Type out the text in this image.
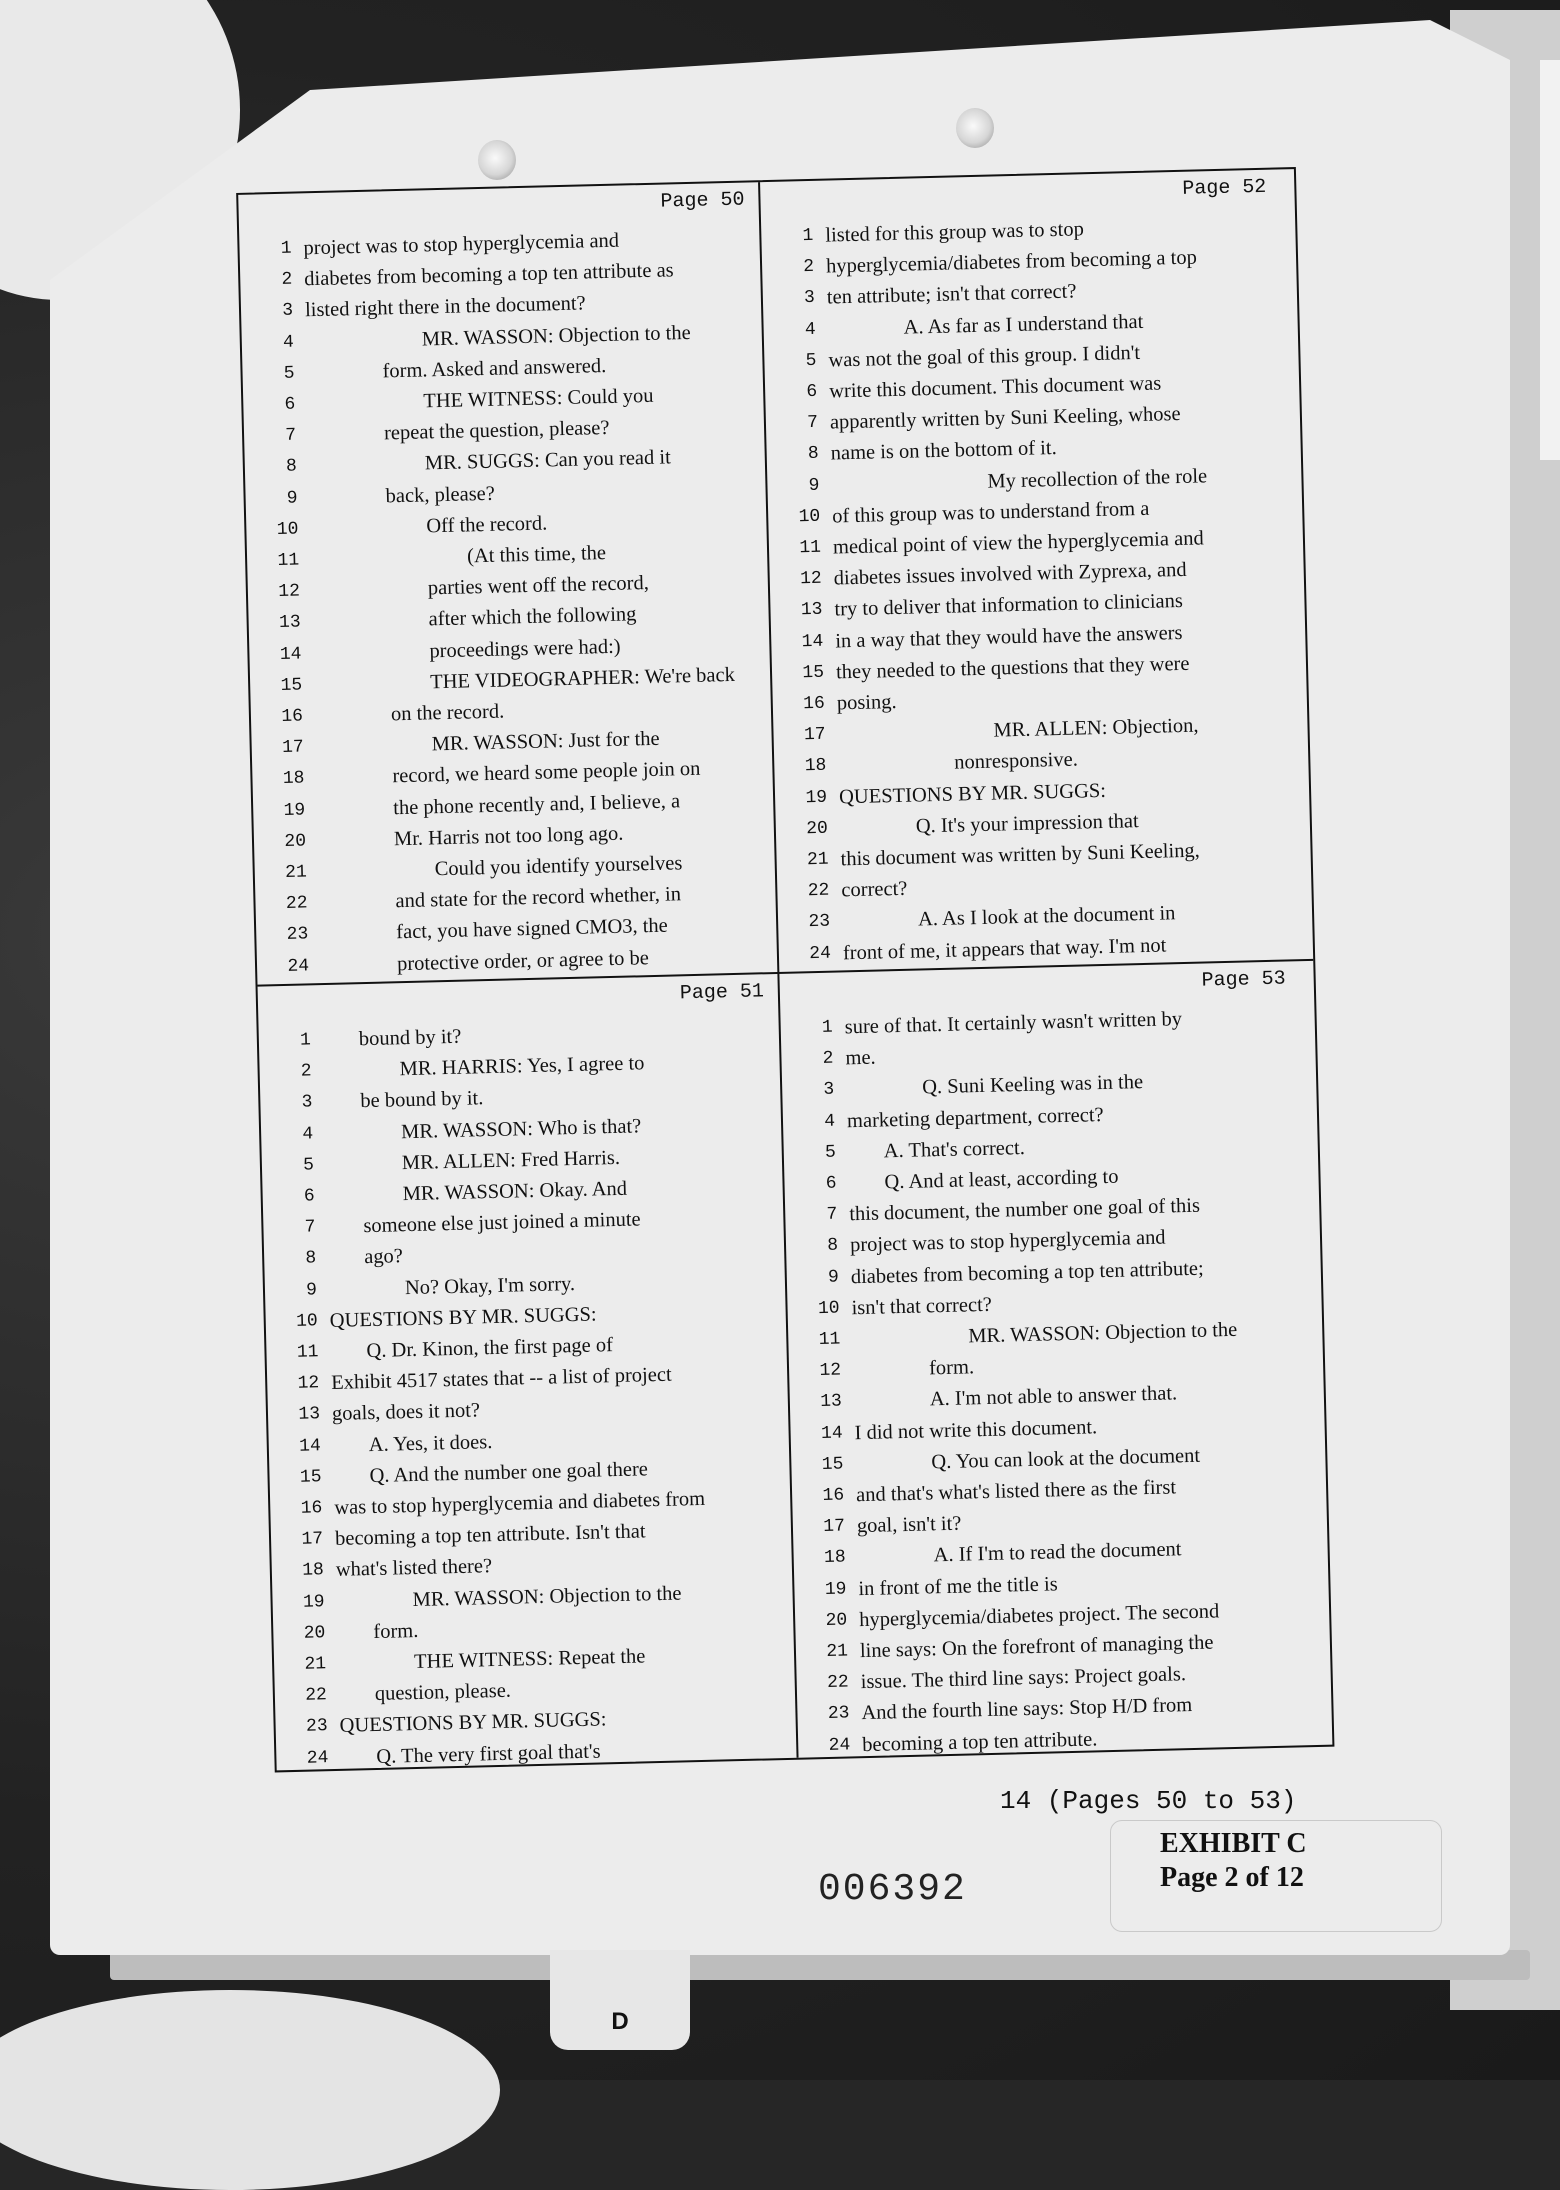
Page 50
1 project was to stop hyperglycemia and
2 diabetes from becoming a top ten attribute as
3 listed right there in the document?
4	MR. WASSON: Objection to the
5	form. Asked and answered.
6	THE WITNESS: Could you
7	repeat the question, please?
8	MR. SUGGS: Can you read it
9	back, please?
10	Off the record.
11	(At this time, the
12	parties went off the record,
13	after which the following
14	proceedings were had:)
15	THE VIDEOGRAPHER: We're back
16	on the record.
17	MR. WASSON: Just for the
18	record, we heard some people join on
19	the phone recently and, I believe, a
20	Mr. Harris not too long ago.
21	Could you identify yourselves
22	and state for the record whether, in
23	fact, you have signed CMO3, the
24	protective order, or agree to be
Page 52
1 listed for this group was to stop
2 hyperglycemia/diabetes from becoming a top
3 ten attribute; isn't that correct?
4	A. As far as I understand that
5 was not the goal of this group. I didn't
6 write this document. This document was
7 apparently written by Suni Keeling, whose
8 name is on the bottom of it.
9	My recollection of the role
10 of this group was to understand from a
11 medical point of view the hyperglycemia and
12 diabetes issues involved with Zyprexa, and
13 try to deliver that information to clinicians
14 in a way that they would have the answers
15 they needed to the questions that they were
16 posing.
17	MR. ALLEN: Objection,
18	nonresponsive.
19 QUESTIONS BY MR. SUGGS:
20	Q. It's your impression that
21 this document was written by Suni Keeling,
22 correct?
23	A. As I look at the document in
24 front of me, it appears that way. I'm not
Page 51
1 bound by it?
2	MR. HARRIS: Yes, I agree to
3 be bound by it.
4	MR. WASSON: Who is that?
5	MR. ALLEN: Fred Harris.
6	MR. WASSON: Okay. And
7 someone else just joined a minute
8 ago?
9	No? Okay, I'm sorry.
10 QUESTIONS BY MR. SUGGS:
11 Q. Dr. Kinon, the first page of
12 Exhibit 4517 states that -- a list of project
13 goals, does it not?
14 A. Yes, it does.
15 Q. And the number one goal there
16 was to stop hyperglycemia and diabetes from
17 becoming a top ten attribute. Isn't that
18 what's listed there?
19	MR. WASSON: Objection to the
20 form.
21	THE WITNESS: Repeat the
22 question, please.
23 QUESTIONS BY MR. SUGGS:
24 Q. The very first goal that's
Page 53
1 sure of that. It certainly wasn't written by
2 me.
3	Q. Suni Keeling was in the
4 marketing department, correct?
5 A. That's correct.
6 Q. And at least, according to
7 this document, the number one goal of this
8 project was to stop hyperglycemia and
9 diabetes from becoming a top ten attribute;
10 isn't that correct?
11	MR. WASSON: Objection to the
12	form.
13	A. I'm not able to answer that.
14 I did not write this document.
15	Q. You can look at the document
16 and that's what's listed there as the first
17 goal, isn't it?
18	A. If I'm to read the document
19 in front of me the title is
20 hyperglycemia/diabetes project. The second
21 line says: On the forefront of managing the
22 issue. The third line says: Project goals.
23 And the fourth line says: Stop H/D from
24 becoming a top ten attribute.
14 (Pages 50 to 53)
EXHIBIT C
Page 2 of 12
006392
D
